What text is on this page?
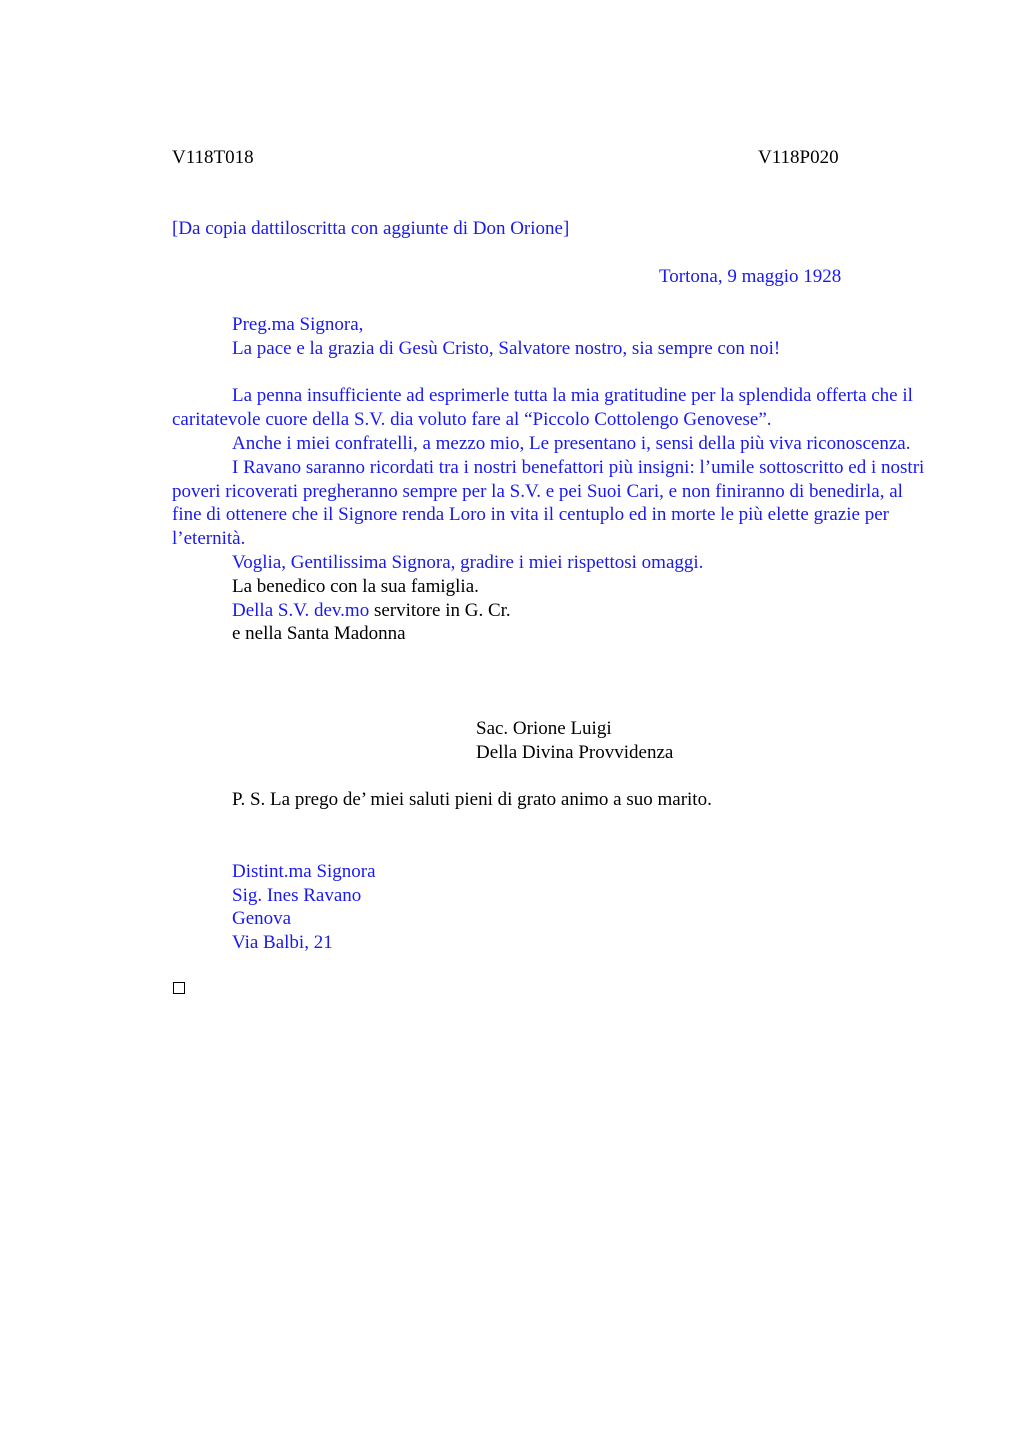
V118T018	V118P020
[Da copia dattiloscritta con aggiunte di Don Orione]
Tortona, 9 maggio 1928
Preg.ma Signora,
La pace e la grazia di Gesù Cristo, Salvatore nostro, sia sempre con noi!
La penna insufficiente ad esprimerle tutta la mia gratitudine per la splendida offerta che il caritatevole cuore della S.V. dia voluto fare al “Piccolo Cottolengo Genovese”.
Anche i miei confratelli, a mezzo mio, Le presentano i, sensi della più viva riconoscenza.
I Ravano saranno ricordati tra i nostri benefattori più insigni: l’umile sottoscritto ed i nostri poveri ricoverati pregheranno sempre per la S.V. e pei Suoi Cari, e non finiranno di benedirla, al fine di ottenere che il Signore renda Loro in vita il centuplo ed in morte le più elette grazie per l’eternità.
Voglia, Gentilissima Signora, gradire i miei rispettosi omaggi.
La benedico con la sua famiglia.
Della S.V. dev.mo servitore in G. Cr.
e nella Santa Madonna
Sac. Orione Luigi
Della Divina Provvidenza
P. S. La prego de’ miei saluti pieni di grato animo a suo marito.
Distint.ma Signora
Sig. Ines Ravano
Genova
Via Balbi, 21
